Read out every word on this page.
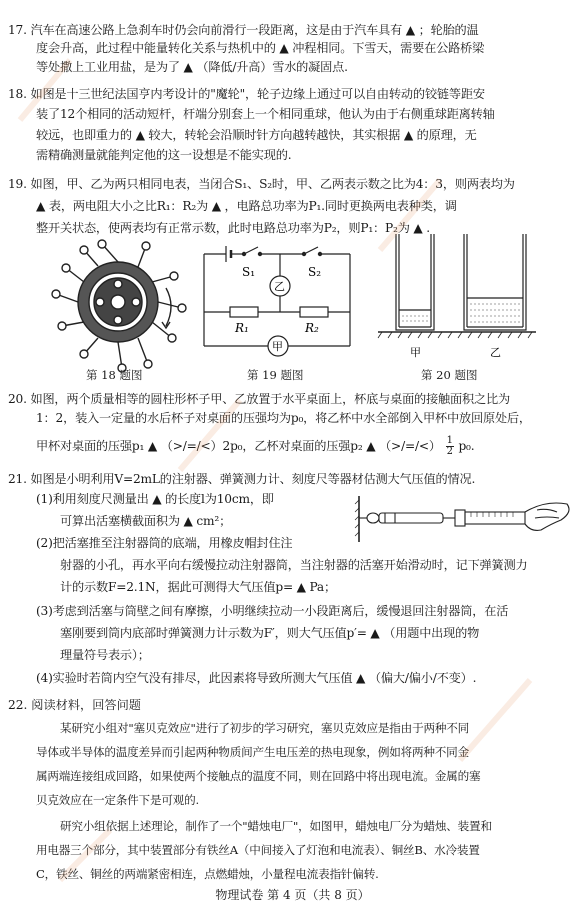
17. 汽车在高速公路上急刹车时仍会向前滑行一段距离，这是由于汽车具有 ▲ ；轮胎的温
度会升高，此过程中能量转化关系与热机中的 ▲ 冲程相同。下雪天，需要在公路桥梁
等处撒上工业用盐，是为了 ▲ （降低/升高）雪水的凝固点.
18. 如图是十三世纪法国亨内考设计的"魔轮"，轮子边缘上通过可以自由转动的铰链等距安
装了12个相同的活动短杆，杆端分别套上一个相同重球，他认为由于右侧重球距离转轴
较远，也即重力的 ▲ 较大，转轮会沿顺时针方向越转越快，其实根据 ▲ 的原理，无
需精确测量就能判定他的这一设想是不能实现的.
19. 如图，甲、乙为两只相同电表，当闭合S₁、S₂时，甲、乙两表示数之比为4：3，则两表均为
▲ 表，两电阻大小之比R₁：R₂为 ▲ ，电路总功率为P₁.同时更换两电表种类，调
整开关状态，使两表均有正常示数，此时电路总功率为P₂，则P₁：P₂为 ▲ .
第 18 题图
S₁	S₂
R₁	R₂
乙
甲
第 19 题图
甲	乙
第 20 题图
20. 如图，两个质量相等的圆柱形杯子甲、乙放置于水平桌面上，杯底与桌面的接触面积之比为
1：2，装入一定量的水后杯子对桌面的压强均为p₀，将乙杯中水全部倒入甲杯中放回原处后，
甲杯对桌面的压强p₁ ▲ （>/=/<）2p₀，乙杯对桌面的压强p₂ ▲ （>/=/<） $\frac{1}{2} p_0$.
21. 如图是小明利用V=2mL的注射器、弹簧测力计、刻度尺等器材估测大气压值的情况.
(1)利用刻度尺测量出 ▲ 的长度l为10cm，即
可算出活塞横截面积为 ▲ cm²；
(2)把活塞推至注射器筒的底端，用橡皮帽封住注
射器的小孔，再水平向右缓慢拉动注射器筒，当注射器的活塞开始滑动时，记下弹簧测力
计的示数F=2.1N，据此可测得大气压值p= ▲ Pa；
(3)考虑到活塞与筒壁之间有摩擦，小明继续拉动一小段距离后，缓慢退回注射器筒，在活
塞刚要到筒内底部时弹簧测力计示数为F′，则大气压值p′= ▲ （用题中出现的物
理量符号表示）；
(4)实验时若筒内空气没有排尽，此因素将导致所测大气压值 ▲ （偏大/偏小/不变）.
22. 阅读材料，回答问题
某研究小组对"塞贝克效应"进行了初步的学习研究，塞贝克效应是指由于两种不同
导体或半导体的温度差异而引起两种物质间产生电压差的热电现象，例如将两种不同金
属两端连接组成回路，如果使两个接触点的温度不同，则在回路中将出现电流。金属的塞
贝克效应在一定条件下是可观的.
研究小组依据上述理论，制作了一个"蜡烛电厂"，如图甲，蜡烛电厂分为蜡烛、装置和
用电器三个部分，其中装置部分有铁丝A（中间接入了灯泡和电流表）、铜丝B、水冷装置
C，铁丝、铜丝的两端紧密相连，点燃蜡烛，小量程电流表指针偏转.
物理试卷 第 4 页（共 8 页）
